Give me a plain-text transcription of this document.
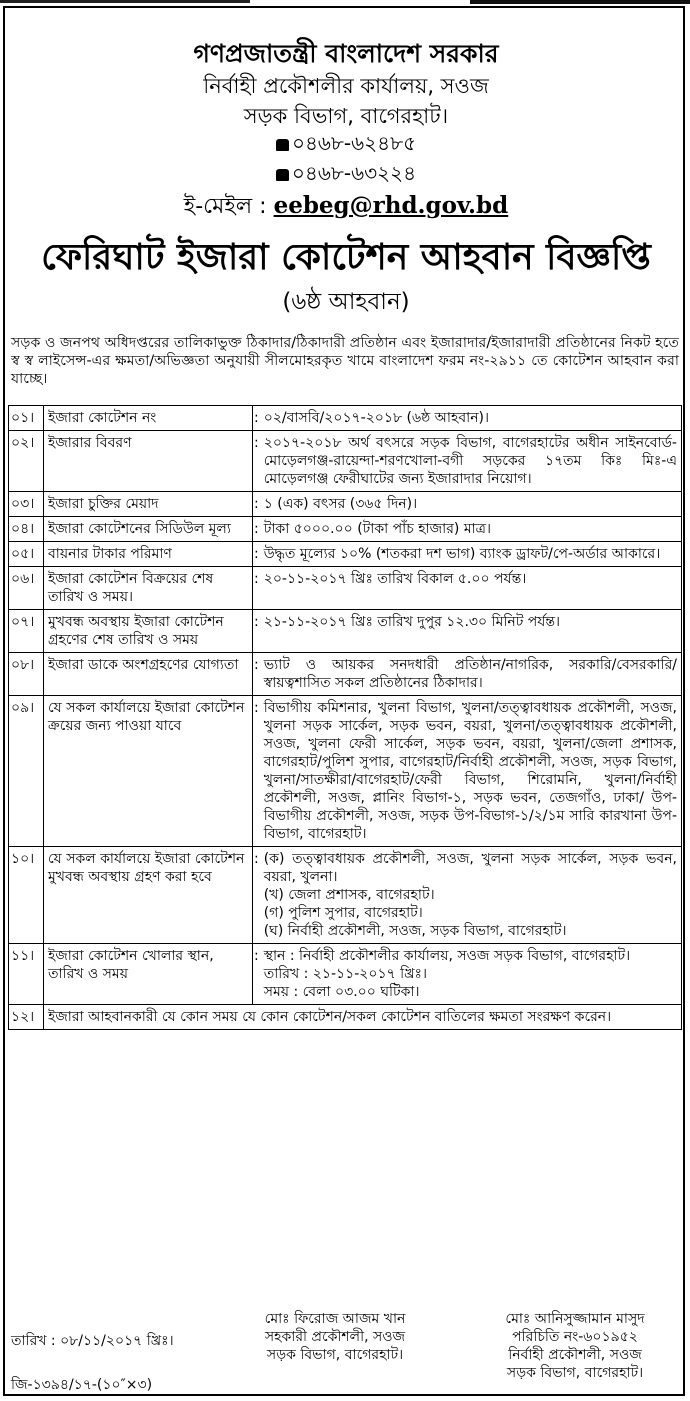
গণপ্রজাতন্ত্রী বাংলাদেশ সরকার
নির্বাহী প্রকৌশলীর কার্যালয়, সওজ
সড়ক বিভাগ, বাগেরহাট।
০৪৬৮-৬২৪৮৫
০৪৬৮-৬৩২২৪
ই-মেইল : eebeg@rhd.gov.bd
ফেরিঘাট ইজারা কোটেশন আহবান বিজ্ঞপ্তি
(৬ষ্ঠ আহবান)
সড়ক ও জনপথ অধিদপ্তরের তালিকাভুক্ত ঠিকাদার/ঠিকাদারী প্রতিষ্ঠান এবং ইজারাদার/ইজারাদারী প্রতিষ্ঠানের নিকট হতে স্ব স্ব লাইসেন্স-এর ক্ষমতা/অভিজ্ঞতা অনুযায়ী সীলমোহরকৃত খামে বাংলাদেশ ফরম নং-২৯১১ তে কোটেশন আহবান করা যাচ্ছে।
০১।	ইজারা কোটেশন নং	:	০২/বাসবি/২০১৭-২০১৮ (৬ষ্ঠ আহবান)।

০২।	ইজারার বিবরণ	:	২০১৭-২০১৮ অর্থ বৎসরে সড়ক বিভাগ, বাগেরহাটের অধীন সাইনবোর্ড-মোড়েলগঞ্জ-রায়েন্দা-শরণখোলা-বগী সড়কের ১৭তম কিঃ মিঃ-এ মোড়েলগঞ্জ ফেরীঘাটের জন্য ইজারাদার নিয়োগ।

০৩।	ইজারা চুক্তির মেয়াদ	:	১ (এক) বৎসর (৩৬৫ দিন)।

০৪।	ইজারা কোটেশনের সিডিউল মূল্য	:	টাকা ৫০০০.০০ (টাকা পাঁচ হাজার) মাত্র।

০৫।	বায়নার টাকার পরিমাণ	:	উদ্ধৃত মূল্যের ১০% (শতকরা দশ ভাগ) ব্যাংক ড্রাফট/পে-অর্ডার আকারে।

০৬।	ইজারা কোটেশন বিক্রয়ের শেষ তারিখ ও সময়।	:	২০-১১-২০১৭ খ্রিঃ তারিখ বিকাল ৫.০০ পর্যন্ত।

০৭।	মুখবন্ধ অবস্থায় ইজারা কোটেশন গ্রহণের শেষ তারিখ ও সময়	:	২১-১১-২০১৭ খ্রিঃ তারিখ দুপুর ১২.৩০ মিনিট পর্যন্ত।

০৮।	ইজারা ডাকে অংশগ্রহণের যোগ্যতা	:	ভ্যাট ও আয়কর সনদধারী প্রতিষ্ঠান/নাগরিক, সরকারি/বেসরকারি/ স্বায়ত্বশাসিত সকল প্রতিষ্ঠানের ঠিকাদার।

০৯।	যে সকল কার্যালয়ে ইজারা কোটেশন ক্রয়ের জন্য পাওয়া যাবে	:	বিভাগীয় কমিশনার, খুলনা বিভাগ, খুলনা/তত্ত্বাবধায়ক প্রকৌশলী, সওজ, খুলনা সড়ক সার্কেল, সড়ক ভবন, বয়রা, খুলনা/তত্ত্বাবধায়ক প্রকৌশলী, সওজ, খুলনা ফেরী সার্কেল, সড়ক ভবন, বয়রা, খুলনা/জেলা প্রশাসক, বাগেরহাট/পুলিশ সুপার, বাগেরহাট/নির্বাহী প্রকৌশলী, সওজ, সড়ক বিভাগ, খুলনা/সাতক্ষীরা/বাগেরহাট/ফেরী বিভাগ, শিরোমনি, খুলনা/নির্বাহী প্রকৌশলী, সওজ, প্লানিং বিভাগ-১, সড়ক ভবন, তেজগাঁও, ঢাকা/ উপ-বিভাগীয় প্রকৌশলী, সওজ, সড়ক উপ-বিভাগ-১/২/১ম সারি কারখানা উপ-বিভাগ, বাগেরহাট।

১০।	যে সকল কার্যালয়ে ইজারা কোটেশন মুখবন্ধ অবস্থায় গ্রহণ করা হবে	:	(ক) তত্ত্বাবধায়ক প্রকৌশলী, সওজ, খুলনা সড়ক সার্কেল, সড়ক ভবন, বয়রা, খুলনা।
(খ) জেলা প্রশাসক, বাগেরহাট।
(গ) পুলিশ সুপার, বাগেরহাট।
(ঘ) নির্বাহী প্রকৌশলী, সওজ, সড়ক বিভাগ, বাগেরহাট।

১১।	ইজারা কোটেশন খোলার স্থান, তারিখ ও সময়	:	স্থান : নির্বাহী প্রকৌশলীর কার্যালয়, সওজ সড়ক বিভাগ, বাগেরহাট।
তারিখ : ২১-১১-২০১৭ খ্রিঃ।
সময় : বেলা ০৩.০০ ঘটিকা।

১২।	ইজারা আহবানকারী যে কোন সময় যে কোন কোটেশন/সকল কোটেশন বাতিলের ক্ষমতা সংরক্ষণ করেন।		
তারিখ : ০৮/১১/২০১৭ খ্রিঃ।
জি-১৩৯৪/১৭-(১০″×৩)
মোঃ ফিরোজ আজম খান
সহকারী প্রকৌশলী, সওজ
সড়ক বিভাগ, বাগেরহাট।
মোঃ আনিসুজ্জামান মাসুদ
পরিচিতি নং-৬০১৯৫২
নির্বাহী প্রকৌশলী, সওজ
সড়ক বিভাগ, বাগেরহাট।
